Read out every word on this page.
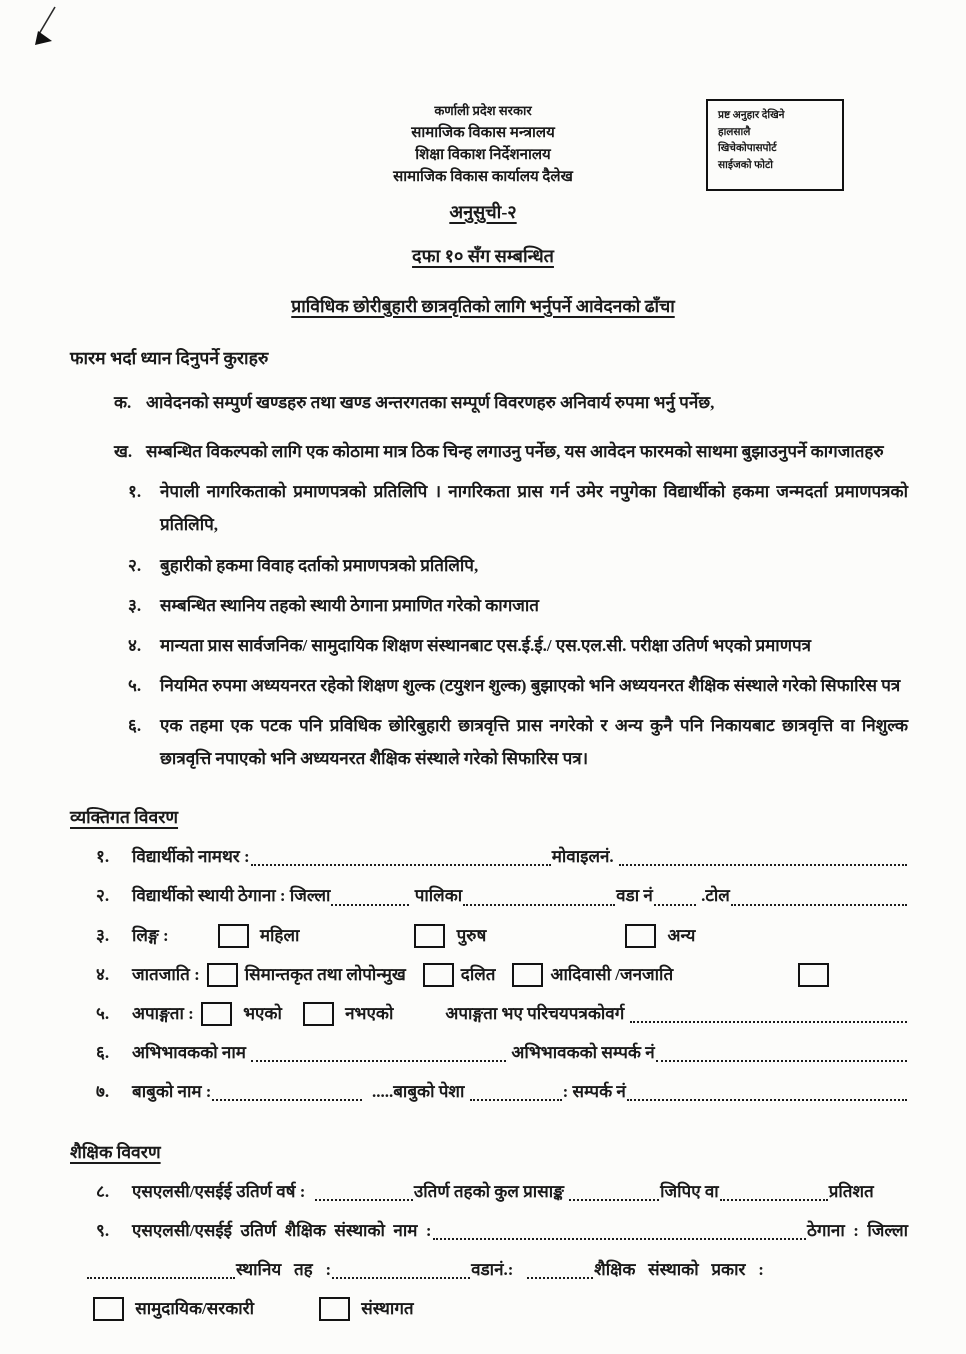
प्रष्ट अनुहार देखिने
हालसालै
खिचेकोपासपोर्ट
साईजको फोटो
कर्णाली प्रदेश सरकार
सामाजिक विकास मन्त्रालय
शिक्षा विकाश निर्देशनालय
सामाजिक विकास कार्यालय दैलेख
अनुसुची-२
दफा १० सँग सम्बन्धित
प्राविधिक छोरीबुहारी छात्रवृतिको लागि भर्नुपर्ने आवेदनको ढाँचा
फारम भर्दा ध्यान दिनुपर्ने कुराहरु
क. आवेदनको सम्पुर्ण खण्डहरु तथा खण्ड अन्तरगतका सम्पूर्ण विवरणहरु अनिवार्य रुपमा भर्नु पर्नेछ,
ख. सम्बन्धित विकल्पको लागि एक कोठामा मात्र ठिक चिन्ह लगाउनु पर्नेछ, यस आवेदन फारमको साथमा बुझाउनुपर्ने कागजातहरु
१.	नेपाली नागरिकताको प्रमाणपत्रको प्रतिलिपि । नागरिकता प्रास गर्न उमेर नपुगेका विद्यार्थीको हकमा जन्मदर्ता प्रमाणपत्रको प्रतिलिपि,
२.	बुहारीको हकमा विवाह दर्ताको प्रमाणपत्रको प्रतिलिपि,
३.	सम्बन्धित स्थानिय तहको स्थायी ठेगाना प्रमाणित गरेको कागजात
४.	मान्यता प्रास सार्वजनिक/ सामुदायिक शिक्षण संस्थानबाट एस.ई.ई./ एस.एल.सी. परीक्षा उतिर्ण भएको प्रमाणपत्र
५.	नियमित रुपमा अध्ययनरत रहेको शिक्षण शुल्क (टयुशन शुल्क) बुझाएको भनि अध्ययनरत शैक्षिक संस्थाले गरेको सिफारिस पत्र
६.	एक तहमा एक पटक पनि प्रविधिक छोरिबुहारी छात्रवृत्ति प्रास नगरेको र अन्य कुनै पनि निकायबाट छात्रवृत्ति वा निशुल्क छात्रवृत्ति नपाएको भनि अध्ययनरत शैक्षिक संस्थाले गरेको सिफारिस पत्र।
व्यक्तिगत विवरण
१.	विद्यार्थीको नामथर :	मोवाइलनं.
२.	विद्यार्थीको स्थायी ठेगाना : जिल्ला	पालिका	वडा नं	.टोल
३.	लिङ्ग :	महिला	पुरुष	अन्य
४.	जातजाति :	सिमान्तकृत तथा लोपोन्मुख	दलित	आदिवासी /जनजाति
५.	अपाङ्गता :	भएको	नभएको	अपाङ्गता भए परिचयपत्रकोवर्ग
६.	अभिभावकको नाम	अभिभावकको सम्पर्क नं
७.	बाबुको नाम :	.....बाबुको पेशा	: सम्पर्क नं
शैक्षिक विवरण
८.	एसएलसी/एसईई उतिर्ण वर्ष :	उतिर्ण तहको कुल प्रासाङ्क	जिपिए वा	प्रतिशत
९.	एसएलसी/एसईई  उतिर्ण  शैक्षिक  संस्थाको  नाम  :	ठेगाना  :  जिल्ला
स्थानिय   तह   :	वडानं.:	शैक्षिक   संस्थाको   प्रकार   :
सामुदायिक/सरकारी	संस्थागत
